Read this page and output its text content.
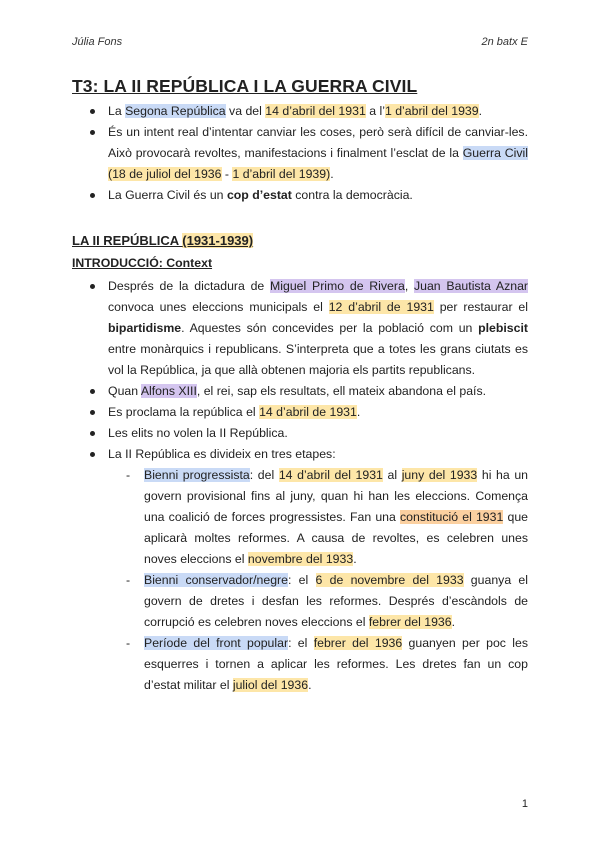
Júlia Fons	2n batx E
T3: LA II REPÚBLICA I LA GUERRA CIVIL
La Segona República va del 14 d’abril del 1931 a l’1 d’abril del 1939.
És un intent real d’intentar canviar les coses, però serà difícil de canviar-les. Això provocarà revoltes, manifestacions i finalment l’esclat de la Guerra Civil (18 de juliol del 1936 - 1 d’abril del 1939).
La Guerra Civil és un cop d’estat contra la democràcia.
LA II REPÚBLICA (1931-1939)
INTRODUCCIÓ: Context
Després de la dictadura de Miguel Primo de Rivera, Juan Bautista Aznar convoca unes eleccions municipals el 12 d’abril de 1931 per restaurar el bipartidisme. Aquestes són concevides per la població com un plebiscit entre monàrquics i republicans. S’interpreta que a totes les grans ciutats es vol la República, ja que allà obtenen majoria els partits republicans.
Quan Alfons XIII, el rei, sap els resultats, ell mateix abandona el país.
Es proclama la república el 14 d’abril de 1931.
Les elits no volen la II República.
La II República es divideix en tres etapes:
- Bienni progressista: del 14 d’abril del 1931 al juny del 1933 hi ha un govern provisional fins al juny, quan hi han les eleccions. Comença una coalició de forces progressistes. Fan una constitució el 1931 que aplicarà moltes reformes. A causa de revoltes, es celebren unes noves eleccions el novembre del 1933.
- Bienni conservador/negre: el 6 de novembre del 1933 guanya el govern de dretes i desfan les reformes. Després d’escàndols de corrupció es celebren noves eleccions el febrer del 1936.
- Període del front popular: el febrer del 1936 guanyen per poc les esquerres i tornen a aplicar les reformes. Les dretes fan un cop d’estat militar el juliol del 1936.
1
